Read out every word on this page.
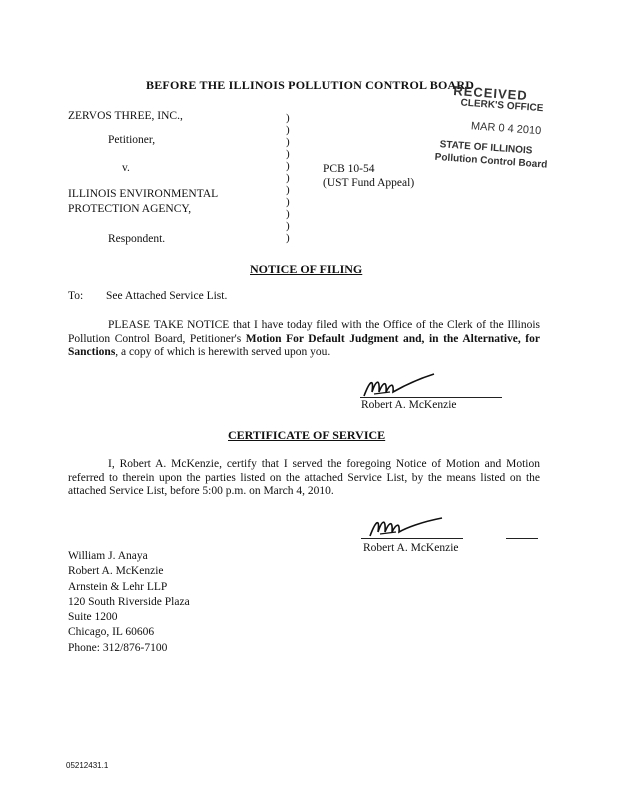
BEFORE THE ILLINOIS POLLUTION CONTROL BOARD
RECEIVED
CLERK'S OFFICE
MAR 0 4 2010
STATE OF ILLINOIS
Pollution Control Board
ZERVOS THREE, INC.,
Petitioner,
v.
ILLINOIS ENVIRONMENTAL
PROTECTION AGENCY,
Respondent.
)
)
)
)
)
)
)
)
)
)
)
PCB 10-54
(UST Fund Appeal)
NOTICE OF FILING
To: See Attached Service List.
PLEASE TAKE NOTICE that I have today filed with the Office of the Clerk of the Illinois Pollution Control Board, Petitioner's Motion For Default Judgment and, in the Alternative, for Sanctions, a copy of which is herewith served upon you.
Robert A. McKenzie
CERTIFICATE OF SERVICE
I, Robert A. McKenzie, certify that I served the foregoing Notice of Motion and Motion referred to therein upon the parties listed on the attached Service List, by the means listed on the attached Service List, before 5:00 p.m. on March 4, 2010.
Robert A. McKenzie
William J. Anaya
Robert A. McKenzie
Arnstein & Lehr LLP
120 South Riverside Plaza
Suite 1200
Chicago, IL 60606
Phone: 312/876-7100
05212431.1
